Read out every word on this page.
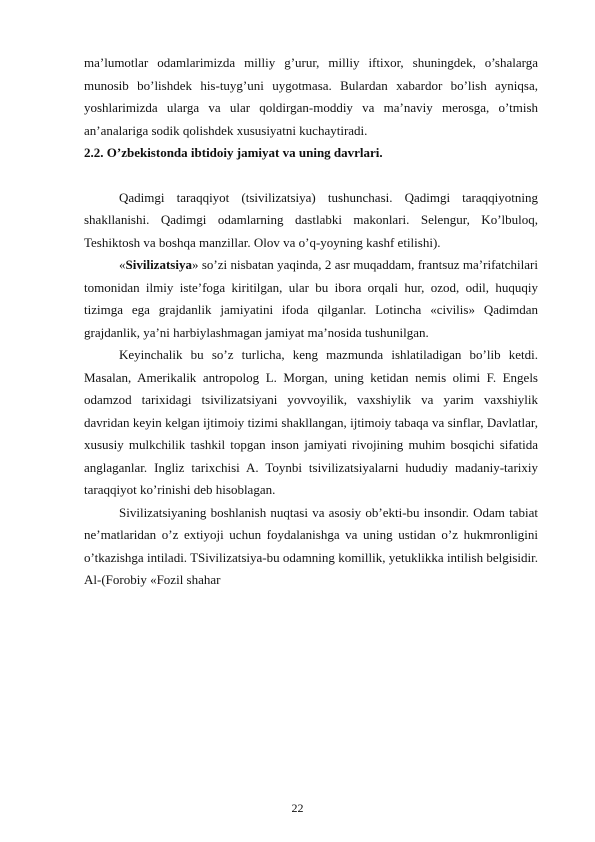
ma’lumotlar odamlarimizda milliy g’urur, milliy iftixor, shuningdek, o’shalarga munosib bo’lishdek his-tuyg’uni uygotmasa. Bulardan xabardor bo’lish ayniqsa, yoshlarimizda ularga va ular qoldirgan-moddiy va ma’naviy merosga, o’tmish an’analariga sodik qolishdek xususiyatni kuchaytiradi.

2.2. O’zbekistonda ibtidoiy jamiyat va uning davrlari.

Qadimgi taraqqiyot (tsivilizatsiya) tushunchasi. Qadimgi taraqqiyotning shakllanishi. Qadimgi odamlarning dastlabki makonlari. Selengur, Ko’lbuloq, Teshiktosh va boshqa manzillar. Olov va o’q-yoyning kashf etilishi).

«Sivilizatsiya» so’zi nisbatan yaqinda, 2 asr muqaddam, frantsuz ma’rifatchilari tomonidan ilmiy iste’foga kiritilgan, ular bu ibora orqali hur, ozod, odil, huquqiy tizimga ega grajdanlik jamiyatini ifoda qilganlar. Lotincha «civilis» Qadimdan grajdanlik, ya’ni harbiylashmagan jamiyat ma’nosida tushunilgan.

Keyinchalik bu so’z turlicha, keng mazmunda ishlatiladigan bo’lib ketdi. Masalan, Amerikalik antropolog L. Morgan, uning ketidan nemis olimi F. Engels odamzod tarixidagi tsivilizatsiyani yovvoyilik, vaxshiylik va yarim vaxshiylik davridan keyin kelgan ijtimoiy tizimi shakllangan, ijtimoiy tabaqa va sinflar, Davlatlar, xususiy mulkchilik tashkil topgan inson jamiyati rivojining muhim bosqichi sifatida anglaganlar. Ingliz tarixchisi A. Toynbi tsivilizatsiyalarni hududiy madaniy-tarixiy taraqqiyot ko’rinishi deb hisoblagan.

Sivilizatsiyaning boshlanish nuqtasi va asosiy ob’ekti-bu insondir. Odam tabiat ne’matlaridan o’z extiyoji uchun foydalanishga va uning ustidan o’z hukmronligini o’tkazishga intiladi. TSivilizatsiya-bu odamning komillik, yetuklikka intilish belgisidir. Al-(Forobiy «Fozil shahar

22
